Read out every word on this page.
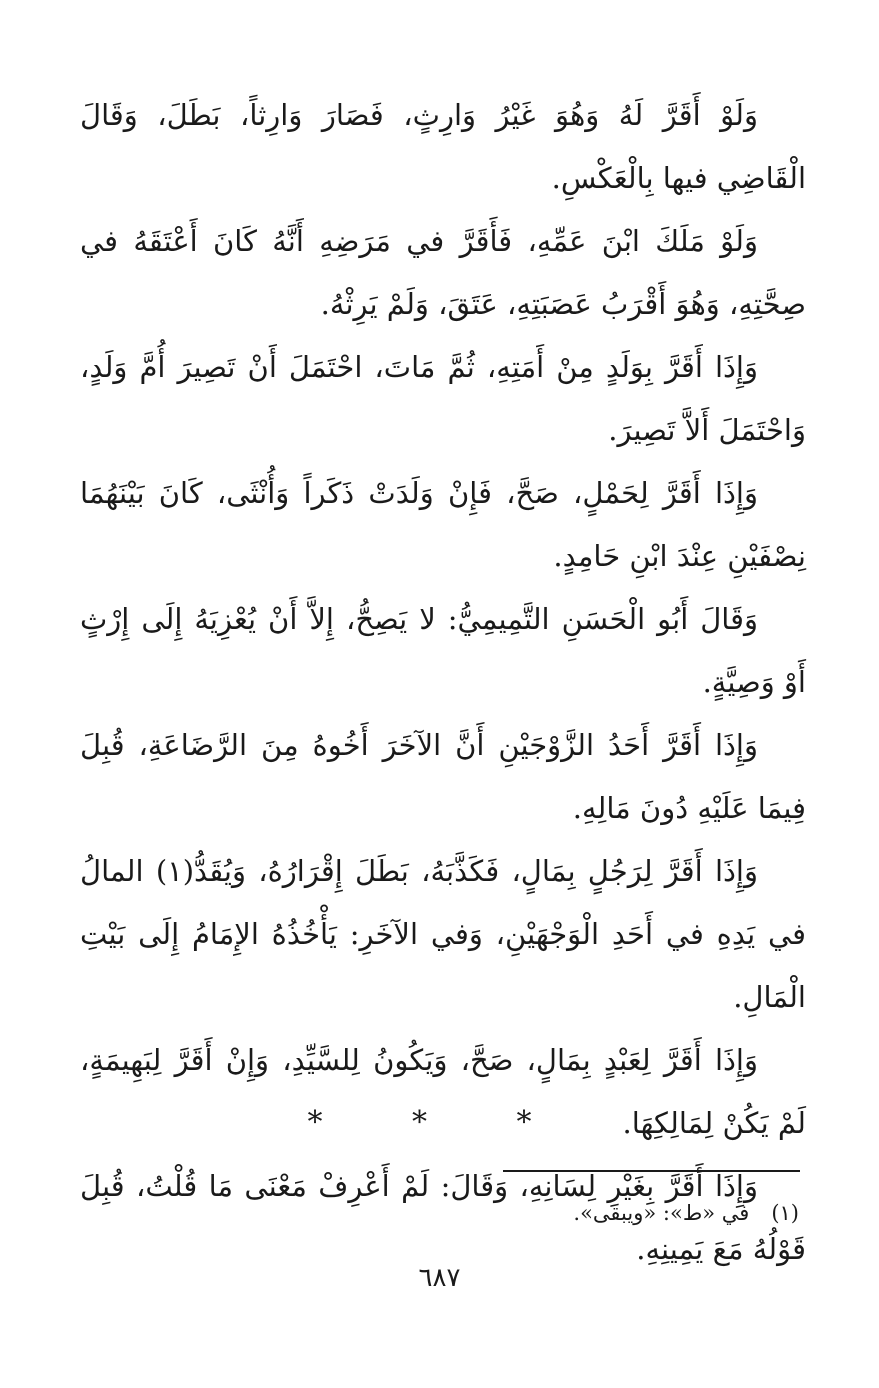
وَلَوْ أَقَرَّ لَهُ وَهُوَ غَيْرُ وَارِثٍ، فَصَارَ وَارِثاً، بَطَلَ، وَقَالَ الْقَاضِي فيها بِالْعَكْسِ.

وَلَوْ مَلَكَ ابْنَ عَمِّهِ، فَأَقَرَّ في مَرَضِهِ أَنَّهُ كَانَ أَعْتَقَهُ في صِحَّتِهِ، وَهُوَ أَقْرَبُ عَصَبَتِهِ، عَتَقَ، وَلَمْ يَرِثْهُ.

وَإِذَا أَقَرَّ بِوَلَدٍ مِنْ أَمَتِهِ، ثُمَّ مَاتَ، احْتَمَلَ أَنْ تَصِيرَ أُمَّ وَلَدٍ، وَاحْتَمَلَ أَلاَّ تَصِيرَ.

وَإِذَا أَقَرَّ لِحَمْلٍ، صَحَّ، فَإِنْ وَلَدَتْ ذَكَراً وَأُنْثَى، كَانَ بَيْنَهُمَا نِصْفَيْنِ عِنْدَ ابْنِ حَامِدٍ.

وَقَالَ أَبُو الْحَسَنِ التَّمِيمِيُّ: لا يَصِحُّ، إِلاَّ أَنْ يُعْزِيَهُ إِلَى إِرْثٍ أَوْ وَصِيَّةٍ.

وَإِذَا أَقَرَّ أَحَدُ الزَّوْجَيْنِ أَنَّ الآخَرَ أَخُوهُ مِنَ الرَّضَاعَةِ، قُبِلَ فِيمَا عَلَيْهِ دُونَ مَالِهِ.

وَإِذَا أَقَرَّ لِرَجُلٍ بِمَالٍ، فَكَذَّبَهُ، بَطَلَ إِقْرَارُهُ، وَيُقَدُّ(١) المالُ في يَدِهِ في أَحَدِ الْوَجْهَيْنِ، وَفي الآخَرِ: يَأْخُذُهُ الإِمَامُ إِلَى بَيْتِ الْمَالِ.

وَإِذَا أَقَرَّ لِعَبْدٍ بِمَالٍ، صَحَّ، وَيَكُونُ لِلسَّيِّدِ، وَإِنْ أَقَرَّ لِبَهِيمَةٍ، لَمْ يَكُنْ لِمَالِكِهَا.

وَإِذَا أَقَرَّ بِغَيْرِ لِسَانِهِ، وَقَالَ: لَمْ أَعْرِفْ مَعْنَى مَا قُلْتُ، قُبِلَ قَوْلُهُ مَعَ يَمِينِهِ.

* * *
(١)في «ط»: «ويبقى».
٦٨٧
